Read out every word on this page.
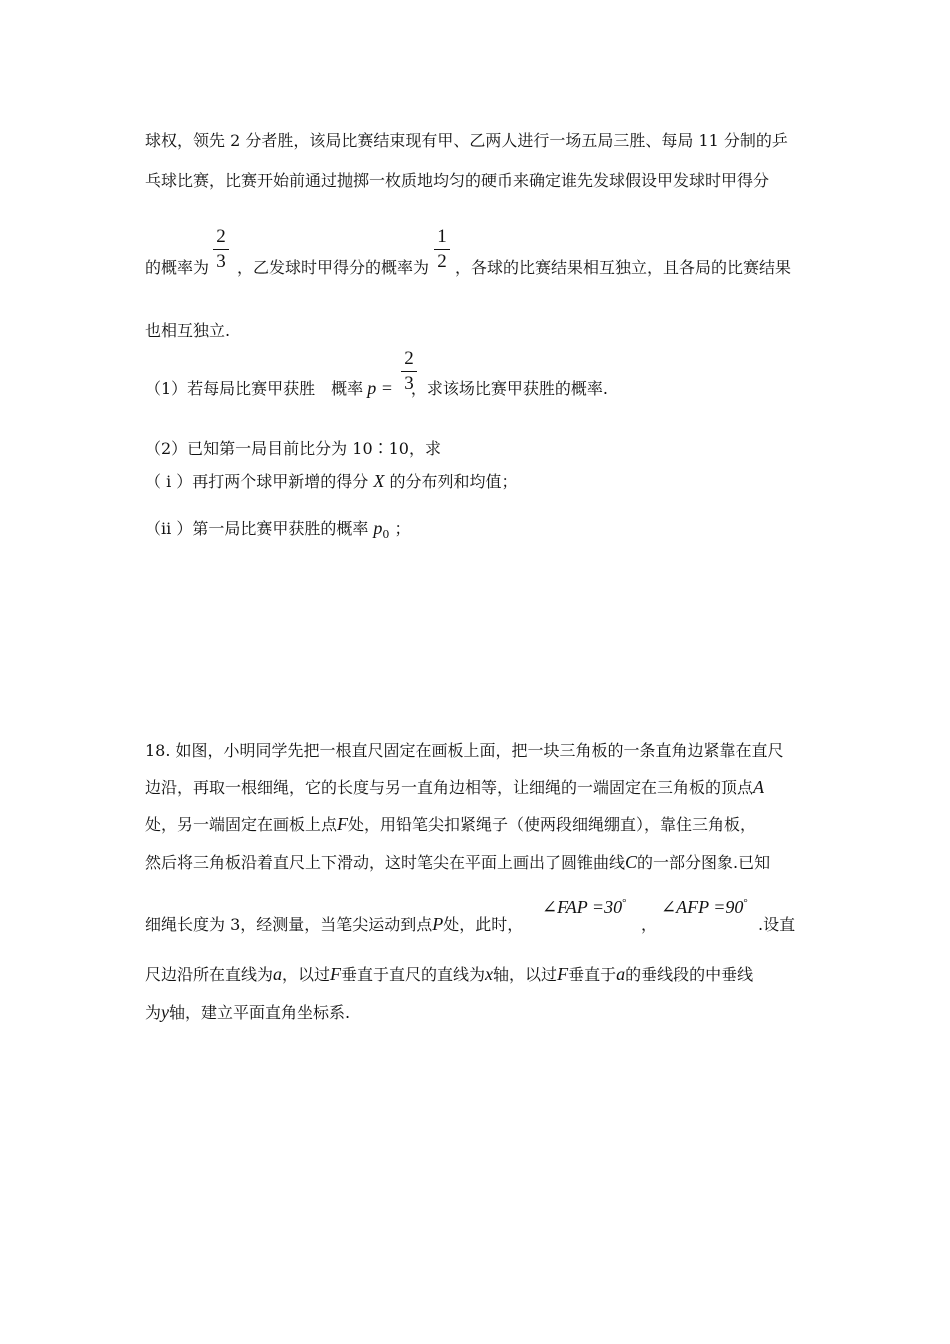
球权，领先 2 分者胜，该局比赛结束现有甲、乙两人进行一场五局三胜、每局 11 分制的乒
乓球比赛，比赛开始前通过抛掷一枚质地均匀的硬币来确定谁先发球假设甲发球时甲得分
的概率为 ，乙发球时甲得分的概率为 ，各球的比赛结果相互独立，且各局的比赛结果
2
3
1
2
也相互独立.
（1）若每局比赛甲获胜　概率 p = ，求该场比赛甲获胜的概率.
2
3
（2）已知第一局目前比分为 10∶10，求
（ i ）再打两个球甲新增的得分 X 的分布列和均值；
（ii ）第一局比赛甲获胜的概率 $p_0$ ；
18. 如图，小明同学先把一根直尺固定在画板上面，把一块三角板的一条直角边紧靠在直尺
边沿，再取一根细绳，它的长度与另一直角边相等，让细绳的一端固定在三角板的顶点A
处，另一端固定在画板上点F处，用铅笔尖扣紧绳子（使两段细绳绷直），靠住三角板，
然后将三角板沿着直尺上下滑动，这时笔尖在平面上画出了圆锥曲线C的一部分图象.已知
细绳长度为 3，经测量，当笔尖运动到点P处，此时，
∠FAP =30°
，
∠AFP =90°
.设直
尺边沿所在直线为a，以过F垂直于直尺的直线为x轴，以过F垂直于a的垂线段的中垂线
为y轴，建立平面直角坐标系.
